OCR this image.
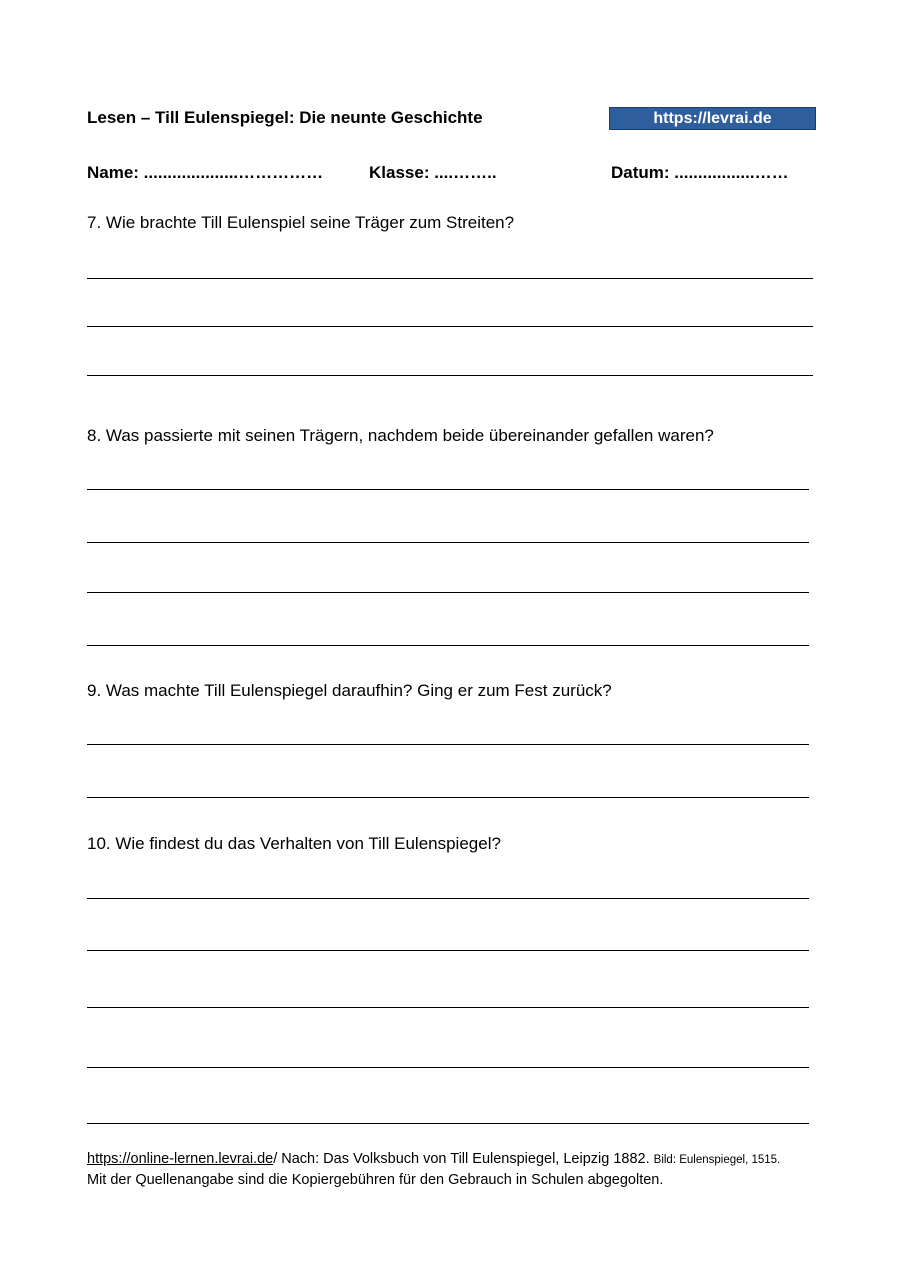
Lesen – Till Eulenspiegel: Die neunte Geschichte	https://levrai.de
Name: ....................……………	Klasse: ....……..	Datum: .................……
7. Wie brachte Till Eulenspiel seine Träger zum Streiten?
8. Was passierte mit seinen Trägern, nachdem beide übereinander gefallen waren?
9. Was machte Till Eulenspiegel daraufhin? Ging er zum Fest zurück?
10. Wie findest du das Verhalten von Till Eulenspiegel?
https://online-lernen.levrai.de/ Nach: Das Volksbuch von Till Eulenspiegel, Leipzig 1882. Bild: Eulenspiegel, 1515.
Mit der Quellenangabe sind die Kopiergebühren für den Gebrauch in Schulen abgegolten.
